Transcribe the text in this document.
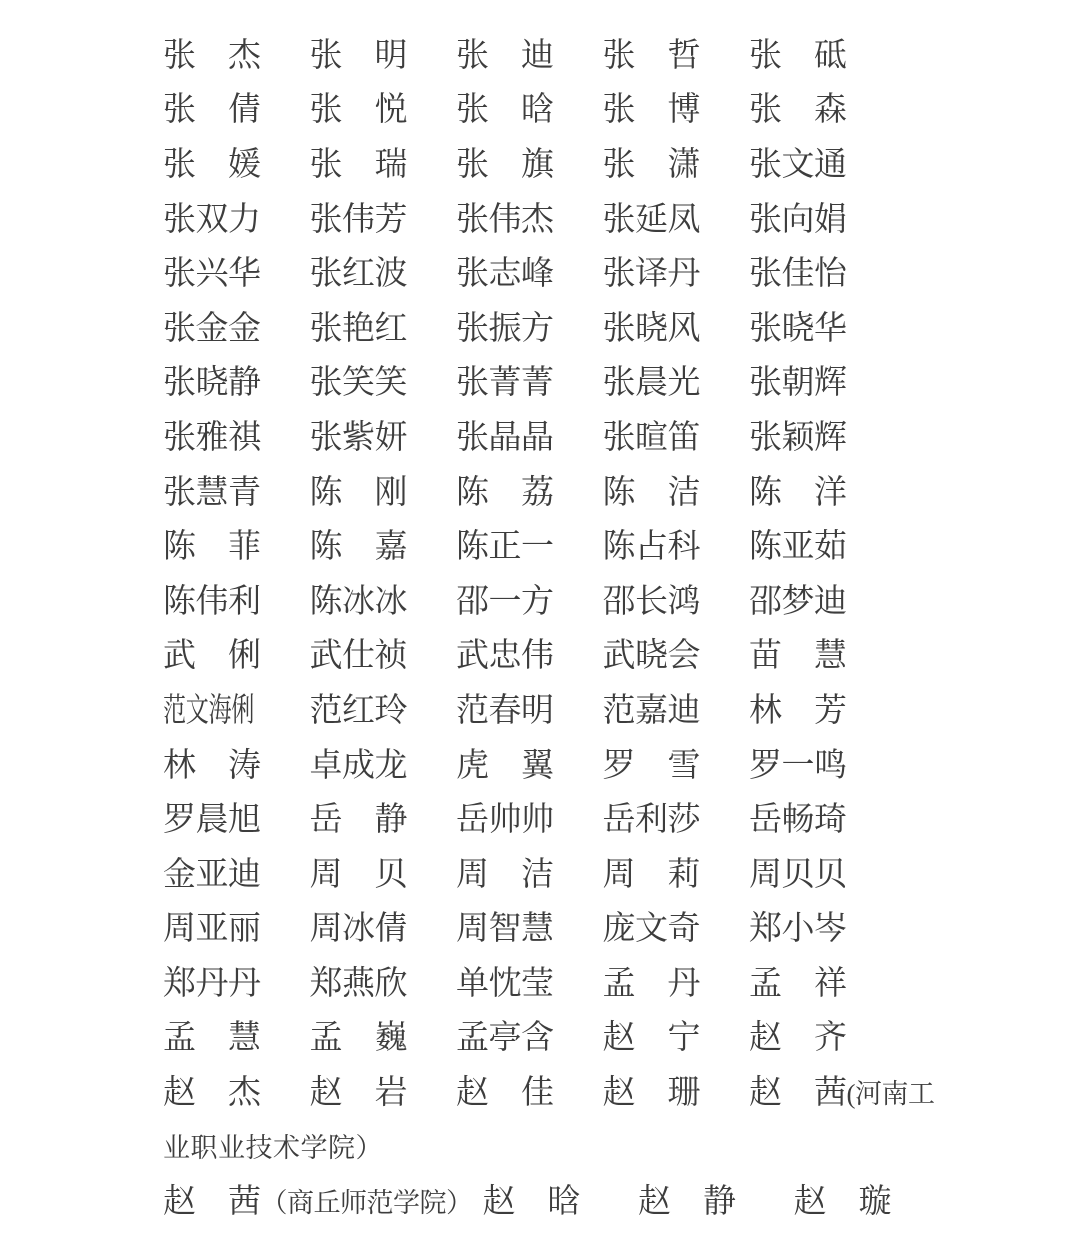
张　杰 张　明 张　迪 张　哲 张　砥
张　倩 张　悦 张　晗 张　博 张　森
张　媛 张　瑞 张　旗 张　潇 张文通
张双力 张伟芳 张伟杰 张延凤 张向娟
张兴华 张红波 张志峰 张译丹 张佳怡
张金金 张艳红 张振方 张晓风 张晓华
张晓静 张笑笑 张菁菁 张晨光 张朝辉
张雅祺 张紫妍 张晶晶 张暄笛 张颖辉
张慧青 陈　刚 陈　荔 陈　洁 陈　洋
陈　菲 陈　嘉 陈正一 陈占科 陈亚茹
陈伟利 陈冰冰 邵一方 邵长鸿 邵梦迪
武　俐 武仕祯 武忠伟 武晓会 苗　慧
范文海俐 范红玲 范春明 范嘉迪 林　芳
林　涛 卓成龙 虎　翼 罗　雪 罗一鸣
罗晨旭 岳　静 岳帅帅 岳利莎 岳畅琦
金亚迪 周　贝 周　洁 周　莉 周贝贝
周亚丽 周冰倩 周智慧 庞文奇 郑小岑
郑丹丹 郑燕欣 单忱莹 孟　丹 孟　祥
孟　慧 孟　巍 孟亭含 赵　宁 赵　齐
赵　杰 赵　岩 赵　佳 赵　珊 赵　茜(河南工
业职业技术学院）
赵　茜（商丘师范学院） 赵　晗 赵　静 赵　璇
